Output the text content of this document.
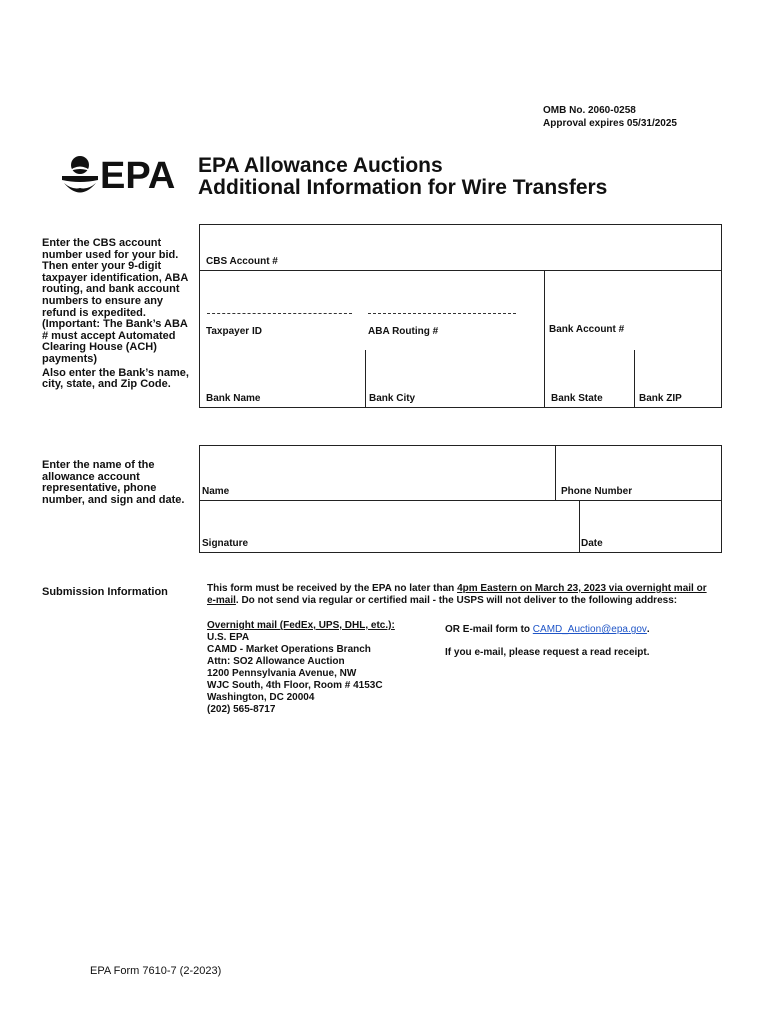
OMB No. 2060-0258
Approval expires 05/31/2025
EPA EPA Allowance Auctions
Additional Information for Wire Transfers
Enter the CBS account number used for your bid. Then enter your 9-digit taxpayer identification, ABA routing, and bank account numbers to ensure any refund is expedited. (Important: The Bank’s ABA # must accept Automated Clearing House (ACH) payments)
Also enter the Bank’s name, city, state, and Zip Code.
CBS Account #
Taxpayer ID	ABA Routing #	Bank Account #
Bank Name	Bank City	Bank State	Bank ZIP
Enter the name of the allowance account representative, phone number, and sign and date.
Name	Phone Number
Signature	Date
Submission Information	This form must be received by the EPA no later than 4pm Eastern on March 23, 2023 via overnight mail or e-mail. Do not send via regular or certified mail - the USPS will not deliver to the following address:
Overnight mail (FedEx, UPS, DHL, etc.):
U.S. EPA
CAMD - Market Operations Branch
Attn: SO2 Allowance Auction
1200 Pennsylvania Avenue, NW
WJC South, 4th Floor, Room # 4153C
Washington, DC 20004
(202) 565-8717
OR E-mail form to CAMD_Auction@epa.gov.
If you e-mail, please request a read receipt.
EPA Form 7610-7 (2-2023)
